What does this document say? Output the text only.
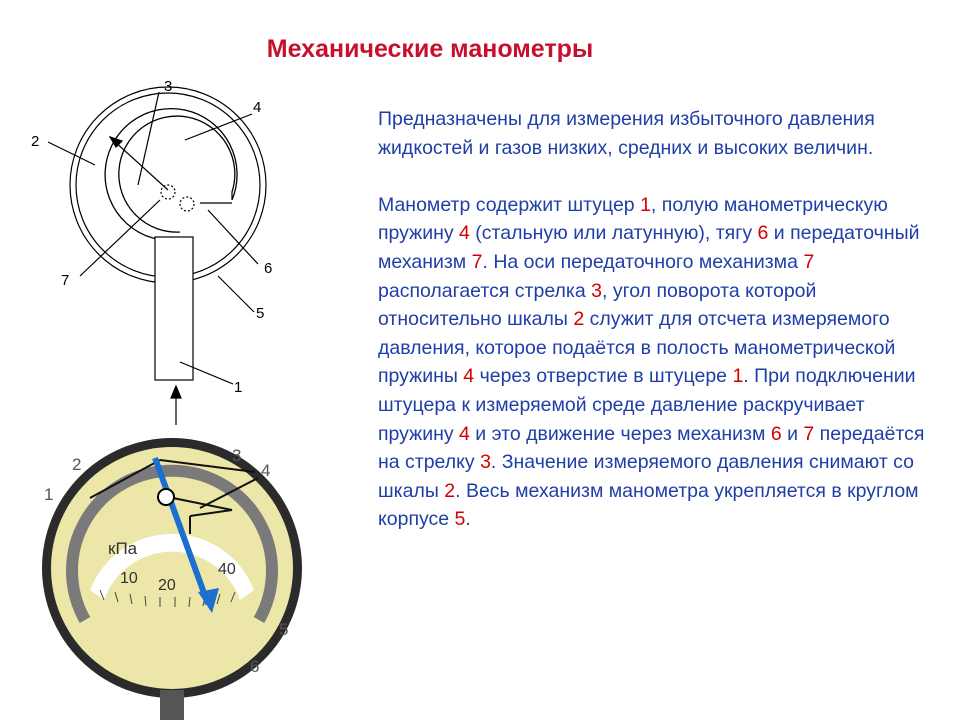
Механические манометры

Предназначены для измерения избыточного давления жидкостей и газов низких, средних и высоких величин.

Манометр содержит штуцер 1, полую манометрическую пружину 4 (стальную или латунную), тягу 6 и передаточный механизм 7. На оси передаточного механизма 7 располагается стрелка 3, угол поворота которой относительно шкалы 2 служит для отсчета измеряемого давления, которое подаётся в полость манометрической пружины 4 через отверстие в штуцере 1. При подключении штуцера к измеряемой среде давление раскручивает пружину 4 и это движение через механизм 6 и 7 передаётся на стрелку 3. Значение измеряемого давления снимают со шкалы 2. Весь механизм манометра укрепляется в круглом корпусе 5.

3
4
2
7
6
5
1
кПа
10 20
40
2
1
3
4
5
6
